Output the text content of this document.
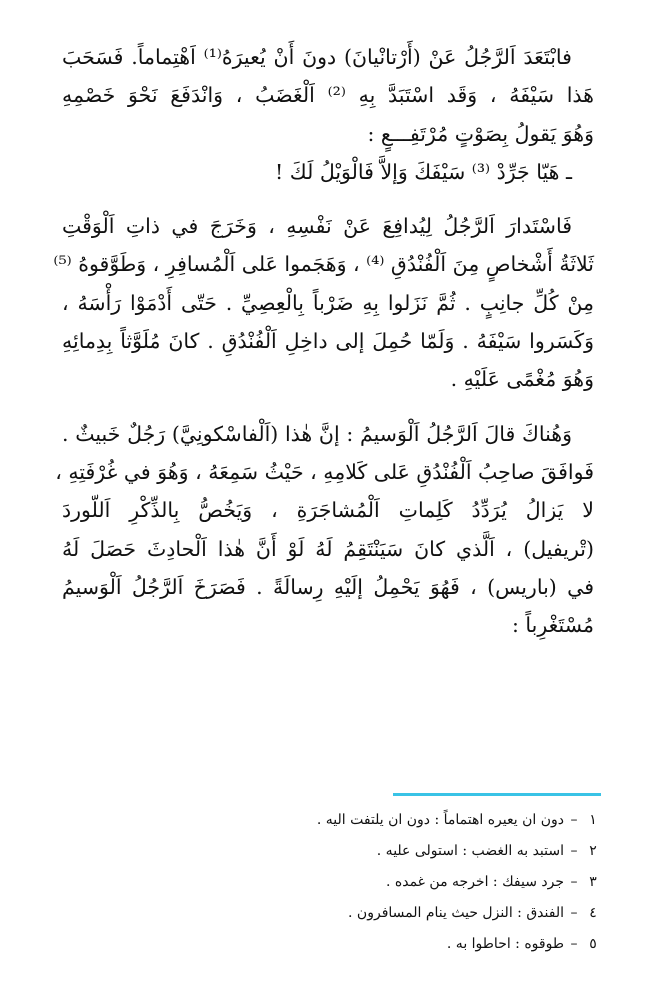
فابْتَعَدَ اَلرَّجُلُ عَنْ (أَرْتانْيانَ) دونَ أَنْ يُعيرَهُ⁽¹⁾ اَهْتِماماً. فَسَحَبَ
هَذا سَيْفَهُ ، وَقَد اسْتَبَدَّ بِهِ ⁽²⁾ اَلْغَضَبُ ، وَانْدَفَعَ نَحْوَ خَصْمِهِ
وَهُوَ يَقولُ بِصَوْتٍ مُرْتَفِـــعٍ :
ـ هَيّا جَرِّدْ ⁽³⁾ سَيْفَكَ وَإلاَّ فَالْوَيْلُ لَكَ !
فَاسْتَدارَ اَلرَّجُلُ لِيُدافِعَ عَنْ نَفْسِهِ ، وَخَرَجَ في ذاتِ اَلْوَقْتِ
ثَلاثَةُ أَشْخاصٍ مِنَ اَلْفُنْدُقِ ⁽⁴⁾ ، وَهَجَموا عَلى اَلْمُسافِرِ ، وَطَوَّقوهُ ⁽⁵⁾
مِنْ كُلِّ جانِبٍ . ثُمَّ نَزَلوا بِهِ ضَرْباً بِالْعِصِيِّ . حَتّى أَدْمَوْا رَأْسَهُ ،
وَكَسَروا سَيْفَهُ . وَلَمّا حُمِلَ إلى داخِلِ اَلْفُنْدُقِ . كانَ مُلَوَّثاً بِدِمائِهِ
وَهُوَ مُغْمًى عَلَيْهِ .
وَهُناكَ قالَ اَلرَّجُلُ اَلْوَسيمُ : إنَّ هٰذا (اَلْفاسْكونِيَّ) رَجُلٌ خَبيثٌ .
فَوافَقَ صاحِبُ اَلْفُنْدُقِ عَلى كَلامِهِ ، حَيْثُ سَمِعَهُ ، وَهُوَ في غُرْفَتِهِ ،
لا يَزالُ يُرَدِّدُ كَلِماتِ اَلْمُشاجَرَةِ ، وَيَخُصُّ بِالذِّكْرِ اَللّوردَ
(تْريفيل) ، اَلَّذي كانَ سَيَنْتَقِمُ لَهُ لَوْ أَنَّ هٰذا اَلْحادِثَ حَصَلَ لَهُ
في (باريس) ، فَهُوَ يَحْمِلُ إلَيْهِ رِسالَةً . فَصَرَخَ اَلرَّجُلُ اَلْوَسيمُ
مُسْتَغْرِباً :
١
–
دون ان يعيره اهتماماً : دون ان يلتفت اليه .
٢
–
استبد به الغضب : استولى عليه .
٣
–
جرد سيفك : اخرجه من غمده .
٤
–
الفندق : النزل حيث ينام المسافرون .
٥
–
طوقوه : احاطوا به .
